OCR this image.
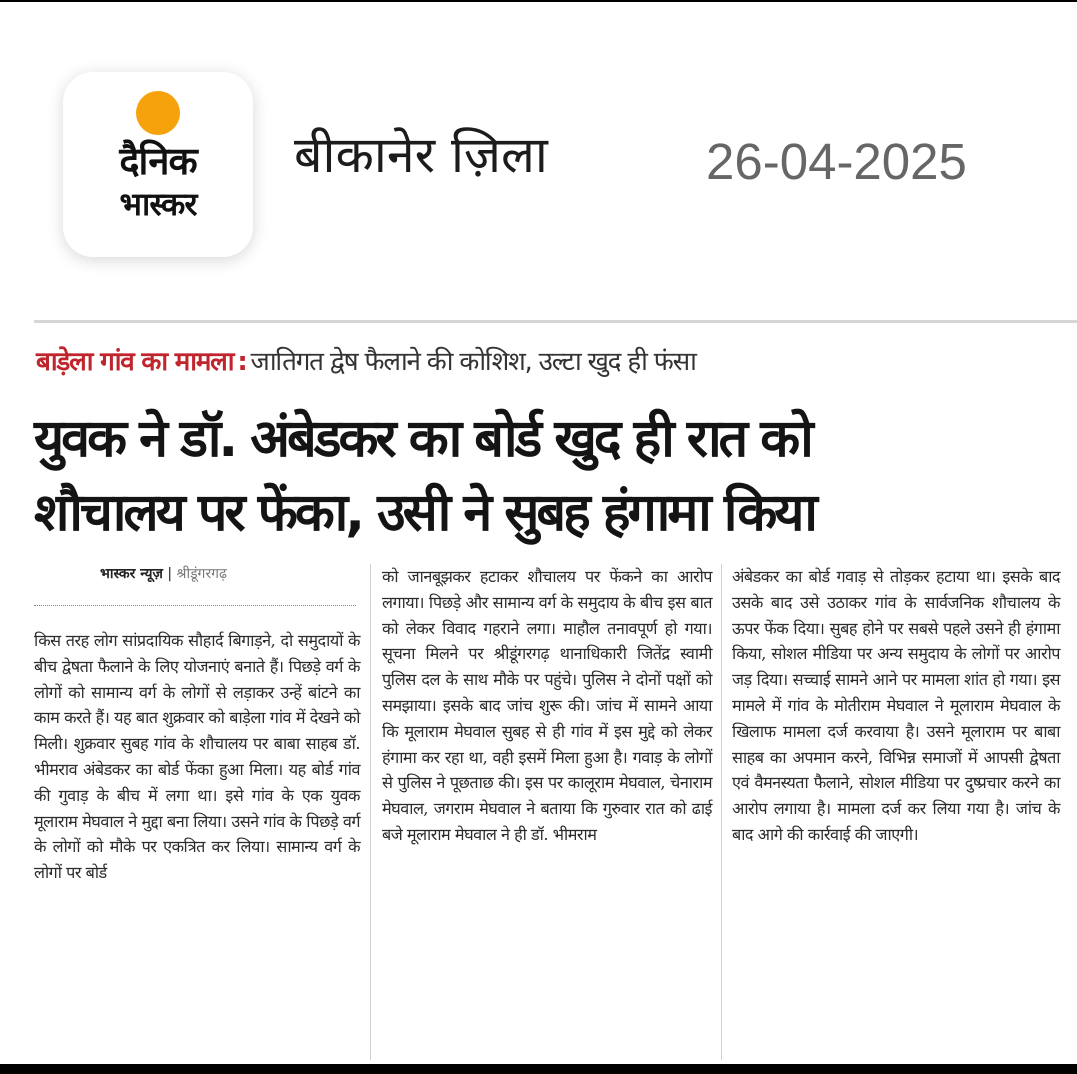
दैनिक
भास्कर
बीकानेर ज़िला	26-04-2025
बाड़ेला गांव का मामला : जातिगत द्वेष फैलाने की कोशिश, उल्टा खुद ही फंसा
युवक ने डॉ. अंबेडकर का बोर्ड खुद ही रात को
शौचालय पर फेंका, उसी ने सुबह हंगामा किया
भास्कर न्यूज़ | श्रीडूंगरगढ़
किस तरह लोग सांप्रदायिक सौहार्द बिगाड़ने, दो समुदायों के बीच द्वेषता फैलाने के लिए योजनाएं बनाते हैं। पिछड़े वर्ग के लोगों को सामान्य वर्ग के लोगों से लड़ाकर उन्हें बांटने का काम करते हैं। यह बात शुक्रवार को बाड़ेला गांव में देखने को मिली। शुक्रवार सुबह गांव के शौचालय पर बाबा साहब डॉ. भीमराव अंबेडकर का बोर्ड फेंका हुआ मिला। यह बोर्ड गांव की गुवाड़ के बीच में लगा था। इसे गांव के एक युवक मूलाराम मेघवाल ने मुद्दा बना लिया। उसने गांव के पिछड़े वर्ग के लोगों को मौके पर एकत्रित कर लिया। सामान्य वर्ग के लोगों पर बोर्ड
को जानबूझकर हटाकर शौचालय पर फेंकने का आरोप लगाया। पिछड़े और सामान्य वर्ग के समुदाय के बीच इस बात को लेकर विवाद गहराने लगा। माहौल तनावपूर्ण हो गया। सूचना मिलने पर श्रीडूंगरगढ़ थानाधिकारी जितेंद्र स्वामी पुलिस दल के साथ मौके पर पहुंचे। पुलिस ने दोनों पक्षों को समझाया। इसके बाद जांच शुरू की। जांच में सामने आया कि मूलाराम मेघवाल सुबह से ही गांव में इस मुद्दे को लेकर हंगामा कर रहा था, वही इसमें मिला हुआ है। गवाड़ के लोगों से पुलिस ने पूछताछ की। इस पर कालूराम मेघवाल, चेनाराम मेघवाल, जगराम मेघवाल ने बताया कि गुरुवार रात को ढाई बजे मूलाराम मेघवाल ने ही डॉ. भीमराम
अंबेडकर का बोर्ड गवाड़ से तोड़कर हटाया था। इसके बाद उसके बाद उसे उठाकर गांव के सार्वजनिक शौचालय के ऊपर फेंक दिया। सुबह होने पर सबसे पहले उसने ही हंगामा किया, सोशल मीडिया पर अन्य समुदाय के लोगों पर आरोप जड़ दिया। सच्चाई सामने आने पर मामला शांत हो गया। इस मामले में गांव के मोतीराम मेघवाल ने मूलाराम मेघवाल के खिलाफ मामला दर्ज करवाया है। उसने मूलाराम पर बाबा साहब का अपमान करने, विभिन्न समाजों में आपसी द्वेषता एवं वैमनस्यता फैलाने, सोशल मीडिया पर दुष्प्रचार करने का आरोप लगाया है। मामला दर्ज कर लिया गया है। जांच के बाद आगे की कार्रवाई की जाएगी।
